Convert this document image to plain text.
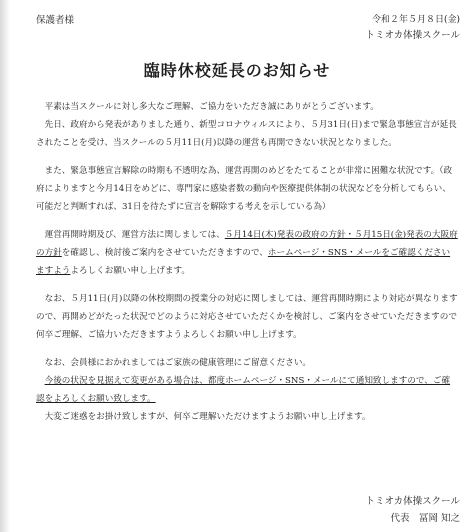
保護者様	令和２年５月８日(金)
トミオカ体操スクール
臨時休校延長のお知らせ

平素は当スクールに対し多大なご理解、ご協力をいただき誠にありがとうございます。

先日、政府から発表がありました通り、新型コロナウィルスにより、５月31日(日)まで緊急事態宣言が延長されたことを受け、当スクールの５月11日(月)以降の運営も再開できない状況となりました。

また、緊急事態宣言解除の時期も不透明な為、運営再開のめどをたてることが非常に困難な状況です。（政府によりますと今月14日をめどに、専門家に感染者数の動向や医療提供体制の状況などを分析してもらい、可能だと判断すれば、31日を待たずに宣言を解除する考えを示している為）

運営再開時期及び、運営方法に関しましては、５月14日(木)発表の政府の方針・５月15日(金)発表の大阪府の方針を確認し、検討後ご案内をさせていただきますので、ホームページ・SNS・メールをご確認くださいますようよろしくお願い申し上げます。

なお、５月11日(月)以降の休校期間の授業分の対応に関しましては、運営再開時期により対応が異なりますので、再開めどがたった状況でどのように対応させていただくかを検討し、ご案内をさせていただきますので何卒ご理解、ご協力いただきますようよろしくお願い申し上げます。

なお、会員様におかれましてはご家族の健康管理にご留意ください。

今後の状況を見据えて変更がある場合は、都度ホームページ・SNS・メールにて通知致しますので、ご確認をよろしくお願い致します。

大変ご迷惑をお掛け致しますが、何卒ご理解いただけますようお願い申し上げます。

トミオカ体操スクール
代表　冨岡 知之
